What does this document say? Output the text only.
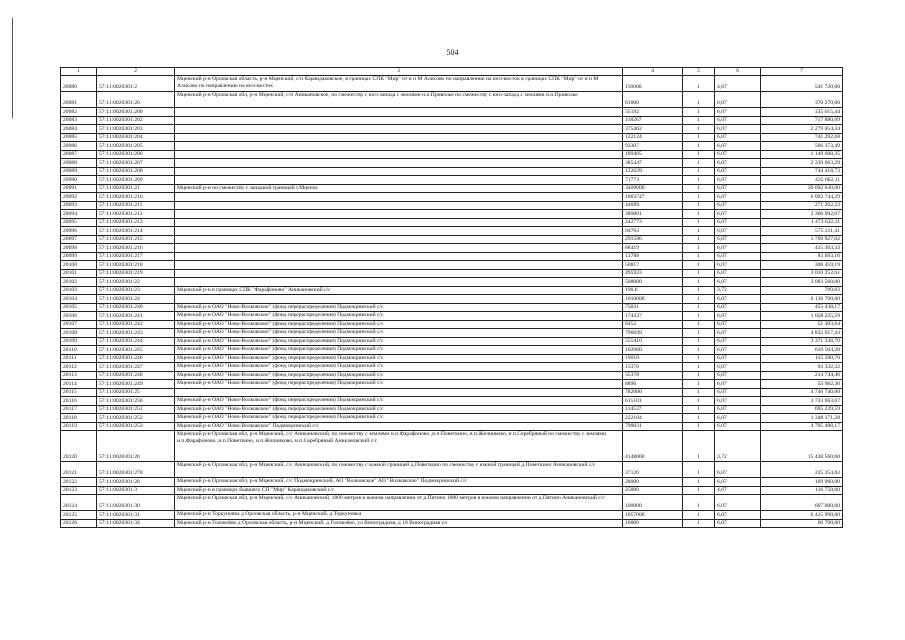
504
1	2	3	4	5	6	7
20080	57:11:0020301:2	Мценский р-н Орловская область, р-н Мценский, с/п Карандаковское, в границах СПК "Мир" от н п М Алисово по направлению на юго-восток в границах СПК "Мир" от н п М Алисово по направлению на юго-восток	116000	1	4,67	541 720,00
20081	57:11:0020301:20	Мценский р-н Орловская обл, р-н Мценский, с/п Аникановское, по смежеству с юго-запада с землями н.п.Приволье по смежеству с юго-запада с землями н.п.Приволье	61000	1	6,07	370 270,00
20082	57:11:0020301:200		55192	1	6,07	335 015,44
20083	57:11:0020301:202		118267	1	6,07	717 880,69
20084	57:11:0020301:203		375462	1	6,07	2 279 054,34
20085	57:11:0020301:204		122124	1	6,07	741 292,68
20086	57:11:0020301:205		93307	1	6,07	566 373,49
20087	57:11:0020301:206		189405	1	6,07	1 149 688,35
20088	57:11:0020301:207		385447	1	6,07	2 339 663,29
20089	57:11:0020301:208		122639	1	6,07	744 418,73
20090	57:11:0020301:209		71773	1	6,07	435 662,11
20091	57:11:0020301:21	Мценский р-н по смежеству с западной границей г.Мценск	3409000	1	6,07	20 692 630,00
20092	57:11:0020301:210		1003747	1	6,07	6 092 744,29
20093	57:11:0020301:211		44689	1	6,07	271 262,23
20094	57:11:0020301:212		389801	1	6,07	2 366 092,07
20095	57:11:0020301:213		242773	1	6,07	1 473 632,11
20096	57:11:0020301:214		94763	1	6,07	575 211,41
20097	57:11:0020301:215		291586	1	6,07	1 769 927,02
20098	57:11:0020301:216		68419	1	6,07	415 303,33
20099	57:11:0020301:217		13788	1	6,07	83 693,16
20100	57:11:0020301:218		50817	1	6,07	308 459,19
20101	57:11:0020301:219		495923	1	6,07	3 010 252,61
20102	57:11:0020301:22		508000	1	6,07	3 083 560,00
20103	57:11:0020301:23	Мценский р-н в границах СПК "Фарафоново" Аникановский с/с	190,6	1	3,72	709,03
20104	57:11:0020301:24		1010000	1	6,07	6 130 700,00
20105	57:11:0020301:240	Мценский р-н ОАО "Ново-Волковское" (фонд перераспределения) Подмокринский с/с	75031	1	6,07	455 438,17
20106	57:11:0020301:241	Мценский р-н ОАО "Ново-Волковское" (фонд перераспределения) Подмокринский с/с	174337	1	6,07	1 058 225,59
20107	57:11:0020301:242	Мценский р-н ОАО "Ново-Волковское" (фонд перераспределения) Подмокринский с/с	8452	1	6,07	51 303,64
20108	57:11:0020301:243	Мценский р-н ОАО "Ново-Волковское" (фонд перераспределения) Подмокринский с/с	796049	1	6,07	4 832 017,43
20109	57:11:0020301:244	Мценский р-н ОАО "Ново-Волковское" (фонд перераспределения) Подмокринский с/с	555410	1	6,07	3 371 338,70
20110	57:11:0020301:245	Мценский р-н ОАО "Ново-Волковское" (фонд перераспределения) Подмокринский с/с	102060	1	6,07	619 504,20
20111	57:11:0020301:246	Мценский р-н ОАО "Ново-Волковское" (фонд перераспределения) Подмокринский с/с	19010	1	6,07	115 390,70
20112	57:11:0020301:247	Мценский р-н ОАО "Ново-Волковское" (фонд перераспределения) Подмокринский с/с	15376	1	6,07	93 332,32
20113	57:11:0020301:248	Мценский р-н ОАО "Ново-Волковское" (фонд перераспределения) Подмокринский с/с	35378	1	6,07	214 744,46
20114	57:11:0020301:249	Мценский р-н ОАО "Ново-Волковское" (фонд перераспределения) Подмокринский с/с	8890	1	6,07	53 962,30
20115	57:11:0020301:25		782000	1	6,07	4 746 740,00
20116	57:11:0020301:250	Мценский р-н ОАО "Ново-Волковское" (фонд перераспределения) Подмокринский с/с	615101	1	6,07	3 733 663,07
20117	57:11:0020301:251	Мценский р-н ОАО "Ново-Волковское" (фонд перераспределения) Подмокринский с/с	114537	1	6,07	695 239,59
20118	57:11:0020301:252	Мценский р-н ОАО "Ново-Волковское" (фонд перераспределения) Подмокринский с/с	222104	1	6,07	1 348 171,28
20119	57:11:0020301:253	Мценский р-н ОАО "Ново-Волковское" Подмокринский с/с	790031	1	6,07	4 795 488,17
20120	57:11:0020301:26	Мценский р-н Орловская обл, р-н Мценский, с/с Аникановский, по смежеству с землями н.п.Фарафоново ,н.п.Поветкино, н.п.Жилинково, н.п.Серебряный по смежеству с землями н.п.Фарафоново ,н.п.Поветкино, н.п.Жилинково, н.п.Серебряный Аникановский с/с	4148000	1	3,72	15 430 560,00
20121	57:11:0020301:278	Мценский р-н Орловская обл, р-н Мценский, с/с Аникановский, по смежеству с южной границей д.Поветкино по смежеству с южной границей д.Поветкино Аникановский с/с	37126	1	6,07	225 354,82
20122	57:11:0020301:28	Мценский р-н Орловская обл, р-н Мценский, с/с Подмокринский, АО "Волковское" АО "Волковское" Подмокринский с/с	28000	1	6,07	169 960,00
20123	57:11:0020301:3	Мценский р-н в границах бывшего СП "Мир" Карандаковский с/с	25000	1	4,67	116 750,00
20124	57:11:0020301:30	Мценский р-н Орловская обл, р-н Мценский, с/с Аникановский, 1800 метров в южном направлении от д.Пятино 1800 метров в южном направлении от д.Пятино Аникановский с/с	100000	1	6,07	607 000,00
20125	57:11:0020301:31	Мценский р-н Торкуновка д Орловская область, р-н Мценский, д Торкуновка	1057000	1	6,07	6 415 990,00
20126	57:11:0020301:34	Мценский р-н Головлёво д Орловская область, р-н Мценский, д Головлёво, ул Виноградная, д 18 Виноградная ул	10000	1	6,07	60 700,00
